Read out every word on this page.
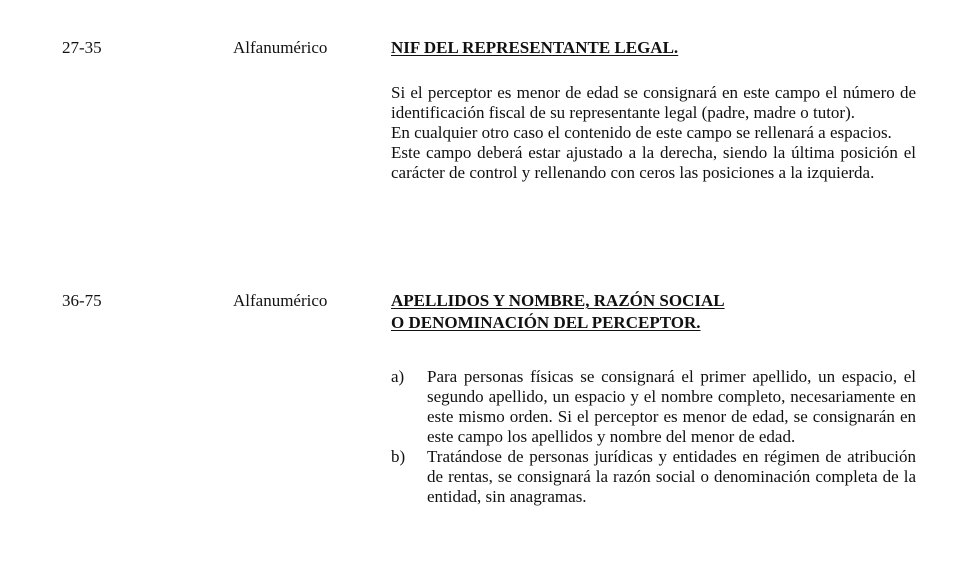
27-35	Alfanumérico	NIF DEL REPRESENTANTE LEGAL.

Si el perceptor es menor de edad se consignará en este campo el número de identificación fiscal de su representante legal (padre, madre o tutor).

En cualquier otro caso el contenido de este campo se rellenará a espacios.

Este campo deberá estar ajustado a la derecha, siendo la última posición el carácter de control y rellenando con ceros las posiciones a la izquierda.

36-75	Alfanumérico	APELLIDOS Y NOMBRE, RAZÓN SOCIAL
O DENOMINACIÓN DEL PERCEPTOR.
a) Para personas físicas se consignará el primer apellido, un espacio, el segundo apellido, un espacio y el nombre completo, necesariamente en este mismo orden. Si el perceptor es menor de edad, se consignarán en este campo los apellidos y nombre del menor de edad.
b) Tratándose de personas jurídicas y entidades en régimen de atribución de rentas, se consignará la razón social o denominación completa de la entidad, sin anagramas.
